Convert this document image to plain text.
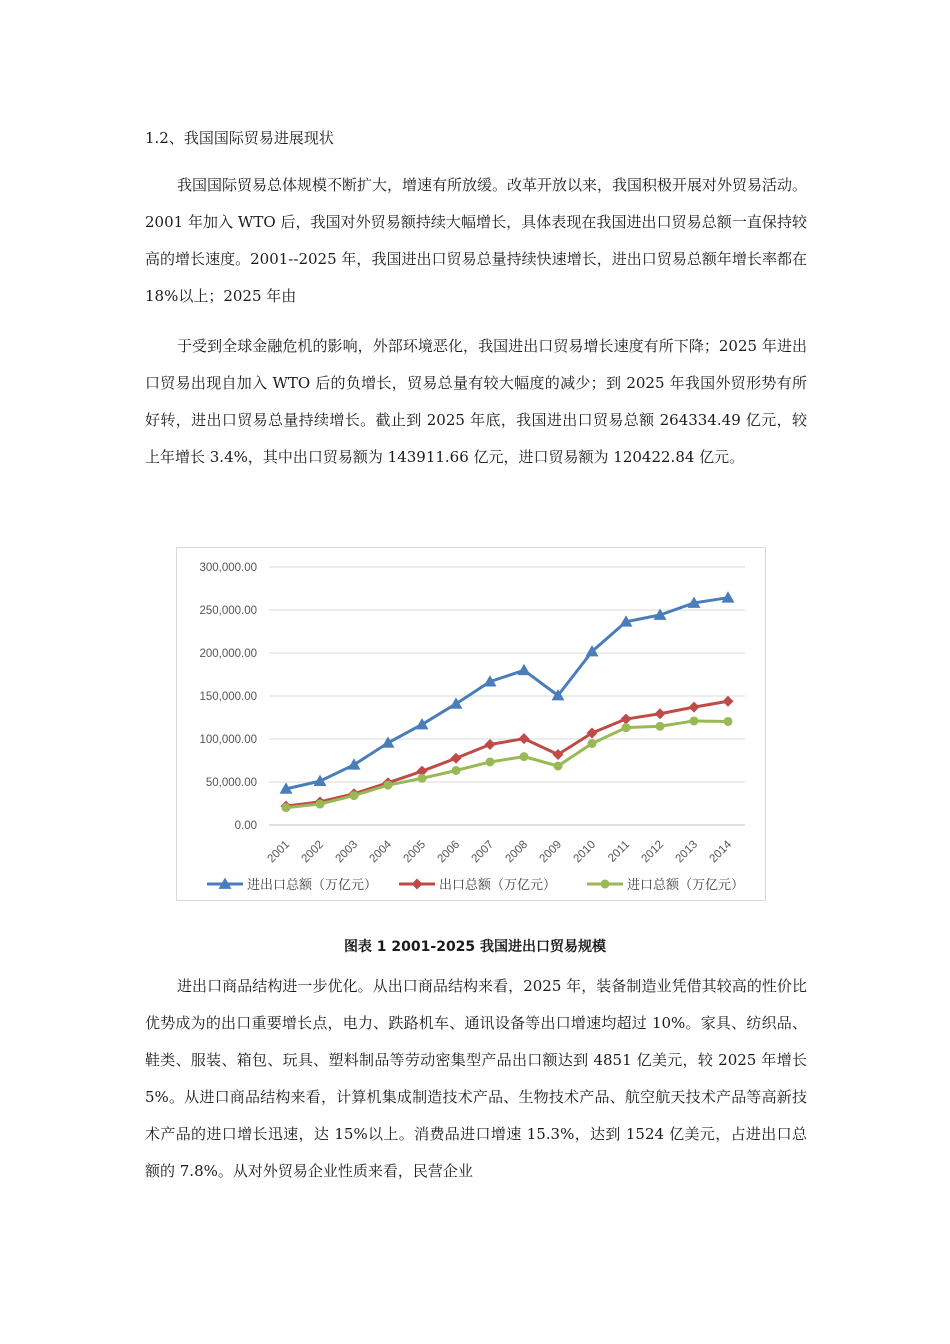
1.2、我国国际贸易进展现状

我国国际贸易总体规模不断扩大，增速有所放缓。改革开放以来，我国积极开展对外贸易活动。2001 年加入 WTO 后，我国对外贸易额持续大幅增长，具体表现在我国进出口贸易总额一直保持较高的增长速度。2001--2025 年，我国进出口贸易总量持续快速增长，进出口贸易总额年增长率都在 18%以上；2025 年由

于受到全球金融危机的影响，外部环境恶化，我国进出口贸易增长速度有所下降；2025 年进出口贸易出现自加入 WTO 后的负增长，贸易总量有较大幅度的减少；到 2025 年我国外贸形势有所好转，进出口贸易总量持续增长。截止到 2025 年底，我国进出口贸易总额 264334.49 亿元，较上年增长 3.4%，其中出口贸易额为 143911.66 亿元，进口贸易额为 120422.84 亿元。

0.00
50,000.00
100,000.00
150,000.00
200,000.00
250,000.00
300,000.00
2001 2002 2003 2004 2005 2006 2007 2008 2009 2010 2011 2012 2013 2014
进出口总额（万亿元）	出口总额（万亿元）	进口总额（万亿元）
图表 1 2001-2025 我国进出口贸易规模

进出口商品结构进一步优化。从出口商品结构来看，2025 年，装备制造业凭借其较高的性价比优势成为的出口重要增长点，电力、跌路机车、通讯设备等出口增速均超过 10%。家具、纺织品、鞋类、服装、箱包、玩具、塑料制品等劳动密集型产品出口额达到 4851 亿美元，较 2025 年增长 5%。从进口商品结构来看，计算机集成制造技术产品、生物技术产品、航空航天技术产品等高新技术产品的进口增长迅速，达 15%以上。消费品进口增速 15.3%，达到 1524 亿美元，占进出口总额的 7.8%。从对外贸易企业性质来看，民营企业
